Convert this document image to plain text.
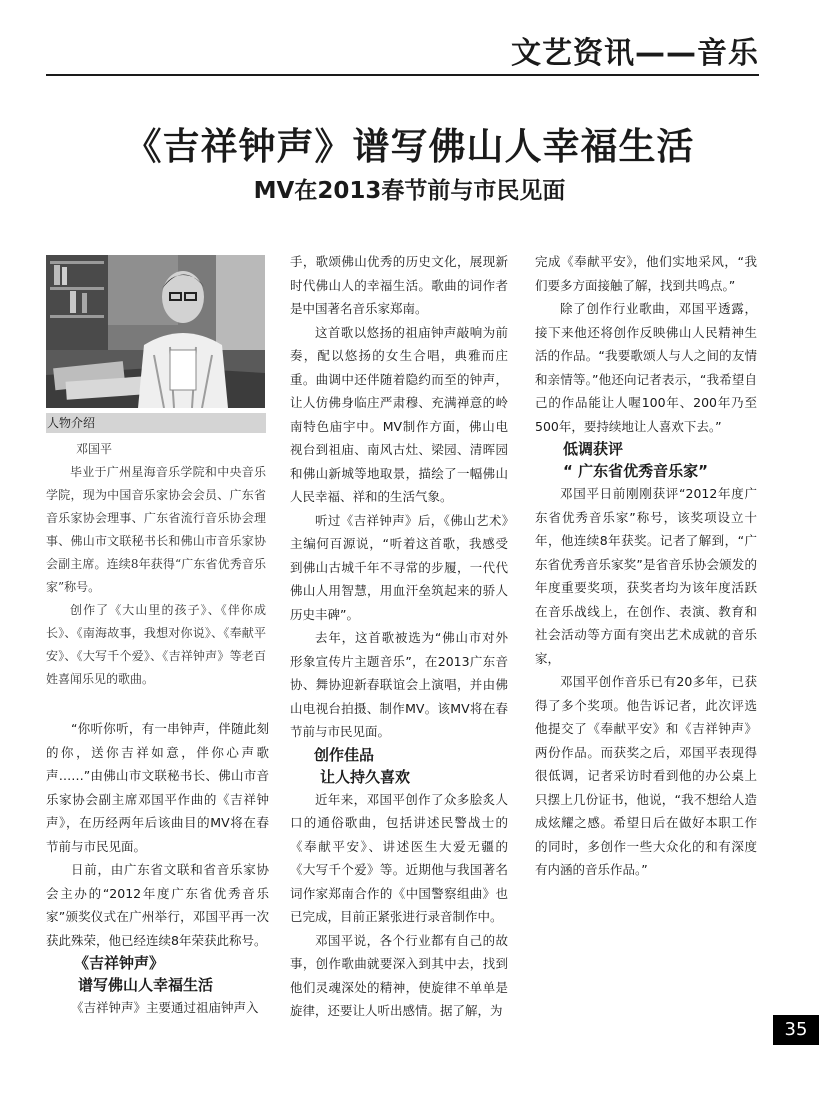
文艺资讯——音乐
《吉祥钟声》谱写佛山人幸福生活
MV在2013春节前与市民见面
人物介绍

邓国平

毕业于广州星海音乐学院和中央音乐学院，现为中国音乐家协会会员、广东省音乐家协会理事、广东省流行音乐协会理事、佛山市文联秘书长和佛山市音乐家协会副主席。连续8年获得“广东省优秀音乐家”称号。

创作了《大山里的孩子》、《伴你成长》、《南海故事，我想对你说》、《奉献平安》、《大写千个爱》、《吉祥钟声》等老百姓喜闻乐见的歌曲。

“你听你听，有一串钟声，伴随此刻的你，送你吉祥如意，伴你心声歌声……”由佛山市文联秘书长、佛山市音乐家协会副主席邓国平作曲的《吉祥钟声》，在历经两年后该曲目的MV将在春节前与市民见面。

日前，由广东省文联和省音乐家协会主办的“2012年度广东省优秀音乐家”颁奖仪式在广州举行，邓国平再一次获此殊荣，他已经连续8年荣获此称号。

《吉祥钟声》

谱写佛山人幸福生活

《吉祥钟声》主要通过祖庙钟声入

手，歌颂佛山优秀的历史文化，展现新时代佛山人的幸福生活。歌曲的词作者是中国著名音乐家郑南。

这首歌以悠扬的祖庙钟声敲响为前奏，配以悠扬的女生合唱，典雅而庄重。曲调中还伴随着隐约而至的钟声，让人仿佛身临庄严肃穆、充满禅意的岭南特色庙宇中。MV制作方面，佛山电视台到祖庙、南风古灶、梁园、清晖园和佛山新城等地取景，描绘了一幅佛山人民幸福、祥和的生活气象。

听过《吉祥钟声》后，《佛山艺术》主编何百源说，“听着这首歌，我感受到佛山古城千年不寻常的步履，一代代佛山人用智慧，用血汗垒筑起来的骄人历史丰碑”。

去年，这首歌被选为“佛山市对外形象宣传片主题音乐”，在2013广东音协、舞协迎新春联谊会上演唱，并由佛山电视台拍摄、制作MV。该MV将在春节前与市民见面。

创作佳品

让人持久喜欢

近年来，邓国平创作了众多脍炙人口的通俗歌曲，包括讲述民警战士的《奉献平安》、讲述医生大爱无疆的《大写千个爱》等。近期他与我国著名词作家郑南合作的《中国警察组曲》也已完成，目前正紧张进行录音制作中。

邓国平说，各个行业都有自己的故事，创作歌曲就要深入到其中去，找到他们灵魂深处的精神，使旋律不单单是旋律，还要让人听出感情。据了解，为

完成《奉献平安》，他们实地采风，“我们要多方面接触了解，找到共鸣点。”

除了创作行业歌曲，邓国平透露，接下来他还将创作反映佛山人民精神生活的作品。“我要歌颂人与人之间的友情和亲情等。”他还向记者表示，“我希望自己的作品能让人喔100年、200年乃至500年，要持续地让人喜欢下去。”

低调获评

“ 广东省优秀音乐家”

邓国平日前刚刚获评“2012年度广东省优秀音乐家”称号，该奖项设立十年，他连续8年获奖。记者了解到，“广东省优秀音乐家奖”是省音乐协会颁发的年度重要奖项，获奖者均为该年度活跃在音乐战线上，在创作、表演、教育和社会活动等方面有突出艺术成就的音乐家，

邓国平创作音乐已有20多年，已获得了多个奖项。他告诉记者，此次评选他提交了《奉献平安》和《吉祥钟声》两份作品。而获奖之后，邓国平表现得很低调，记者采访时看到他的办公桌上只摆上几份证书，他说，“我不想给人造成炫耀之感。希望日后在做好本职工作的同时，多创作一些大众化的和有深度有内涵的音乐作品。”

35
